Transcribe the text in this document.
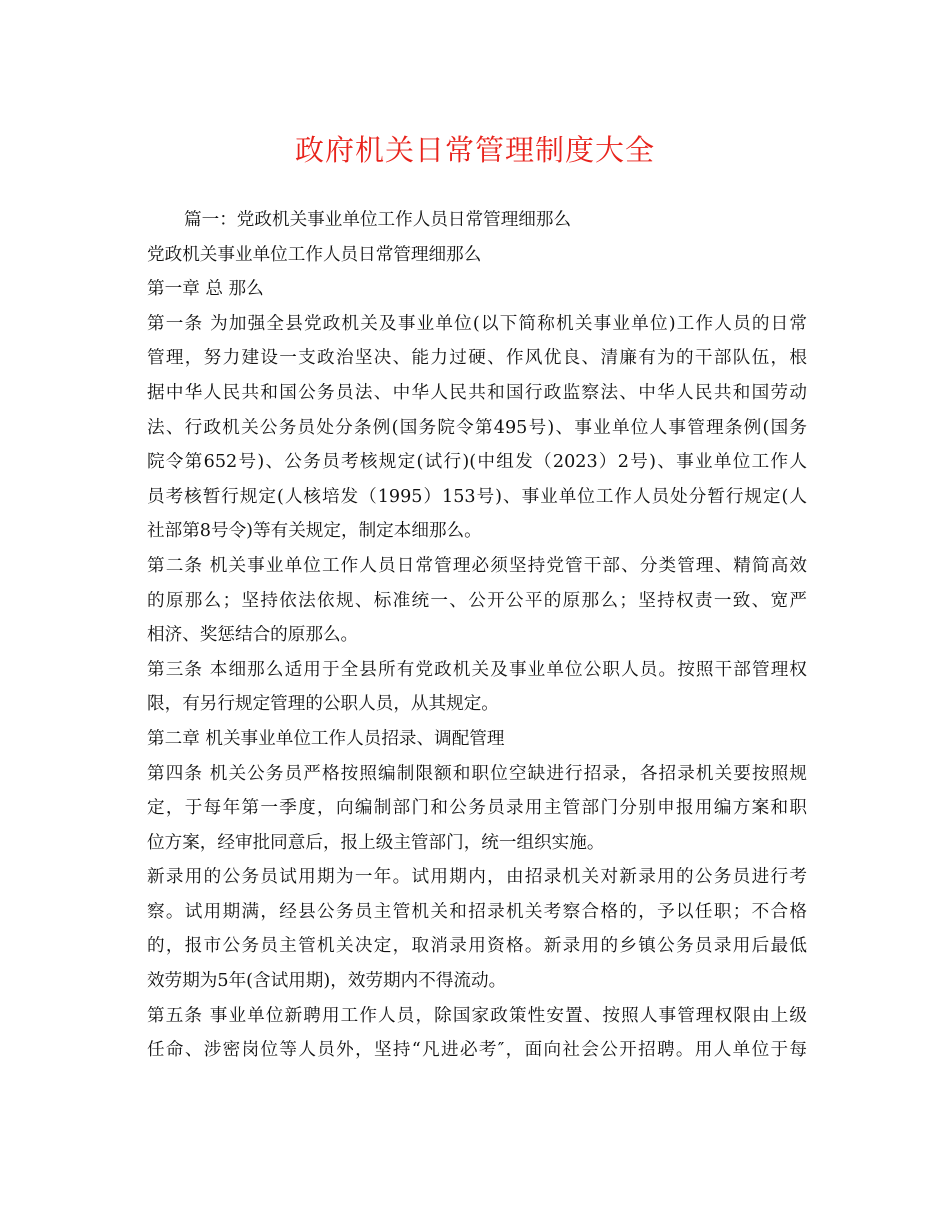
政府机关日常管理制度大全
篇一：党政机关事业单位工作人员日常管理细那么
党政机关事业单位工作人员日常管理细那么
第一章 总 那么
第一条 为加强全县党政机关及事业单位(以下简称机关事业单位)工作人员的日常
管理，努力建设一支政治坚决、能力过硬、作风优良、清廉有为的干部队伍，根
据中华人民共和国公务员法、中华人民共和国行政监察法、中华人民共和国劳动
法、行政机关公务员处分条例(国务院令第495号)、事业单位人事管理条例(国务
院令第652号)、公务员考核规定(试行)(中组发（2023）2号)、事业单位工作人
员考核暂行规定(人核培发（1995）153号)、事业单位工作人员处分暂行规定(人
社部第8号令)等有关规定，制定本细那么。
第二条 机关事业单位工作人员日常管理必须坚持党管干部、分类管理、精简高效
的原那么；坚持依法依规、标准统一、公开公平的原那么；坚持权责一致、宽严
相济、奖惩结合的原那么。
第三条 本细那么适用于全县所有党政机关及事业单位公职人员。按照干部管理权
限，有另行规定管理的公职人员，从其规定。
第二章 机关事业单位工作人员招录、调配管理
第四条 机关公务员严格按照编制限额和职位空缺进行招录，各招录机关要按照规
定，于每年第一季度，向编制部门和公务员录用主管部门分别申报用编方案和职
位方案，经审批同意后，报上级主管部门，统一组织实施。
新录用的公务员试用期为一年。试用期内，由招录机关对新录用的公务员进行考
察。试用期满，经县公务员主管机关和招录机关考察合格的，予以任职；不合格
的，报市公务员主管机关决定，取消录用资格。新录用的乡镇公务员录用后最低
效劳期为5年(含试用期)，效劳期内不得流动。
第五条 事业单位新聘用工作人员，除国家政策性安置、按照人事管理权限由上级
任命、涉密岗位等人员外，坚持“凡进必考″，面向社会公开招聘。用人单位于每
